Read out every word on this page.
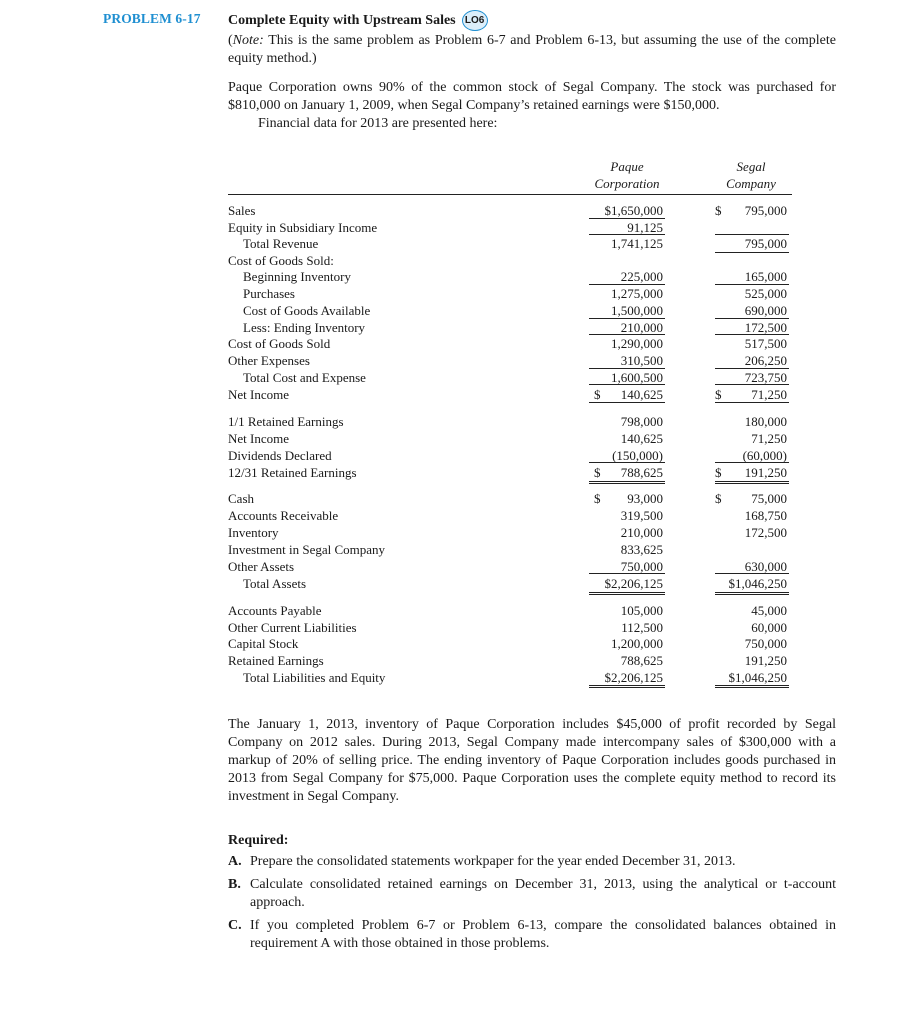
PROBLEM 6-17 Complete Equity with Upstream Sales LO6
(Note: This is the same problem as Problem 6-7 and Problem 6-13, but assuming the use of the complete equity method.)
Paque Corporation owns 90% of the common stock of Segal Company. The stock was purchased for $810,000 on January 1, 2009, when Segal Company’s retained earnings were $150,000.
Financial data for 2013 are presented here:
Paque
Corporation
Segal
Company
Sales	$1,650,000	$	795,000
Equity in Subsidiary Income	91,125
Total Revenue	1,741,125	795,000
Cost of Goods Sold:
Beginning Inventory	225,000	165,000
Purchases	1,275,000	525,000
Cost of Goods Available	1,500,000	690,000
Less: Ending Inventory	210,000	172,500
Cost of Goods Sold	1,290,000	517,500
Other Expenses	310,500	206,250
Total Cost and Expense	1,600,500	723,750
Net Income	$	140,625	$	71,250
1/1 Retained Earnings	798,000	180,000
Net Income	140,625	71,250
Dividends Declared	(150,000)	(60,000)
12/31 Retained Earnings	$	788,625	$	191,250
Cash	$	93,000	$	75,000
Accounts Receivable	319,500	168,750
Inventory	210,000	172,500
Investment in Segal Company	833,625
Other Assets	750,000	630,000
Total Assets	$2,206,125	$1,046,250
Accounts Payable	105,000	45,000
Other Current Liabilities	112,500	60,000
Capital Stock	1,200,000	750,000
Retained Earnings	788,625	191,250
Total Liabilities and Equity	$2,206,125	$1,046,250
The January 1, 2013, inventory of Paque Corporation includes $45,000 of profit recorded by Segal Company on 2012 sales. During 2013, Segal Company made intercompany sales of $300,000 with a markup of 20% of selling price. The ending inventory of Paque Corporation includes goods purchased in 2013 from Segal Company for $75,000. Paque Corporation uses the complete equity method to record its investment in Segal Company.
Required:
A. Prepare the consolidated statements workpaper for the year ended December 31, 2013.
B. Calculate consolidated retained earnings on December 31, 2013, using the analytical or t-account approach.
C. If you completed Problem 6-7 or Problem 6-13, compare the consolidated balances obtained in requirement A with those obtained in those problems.
